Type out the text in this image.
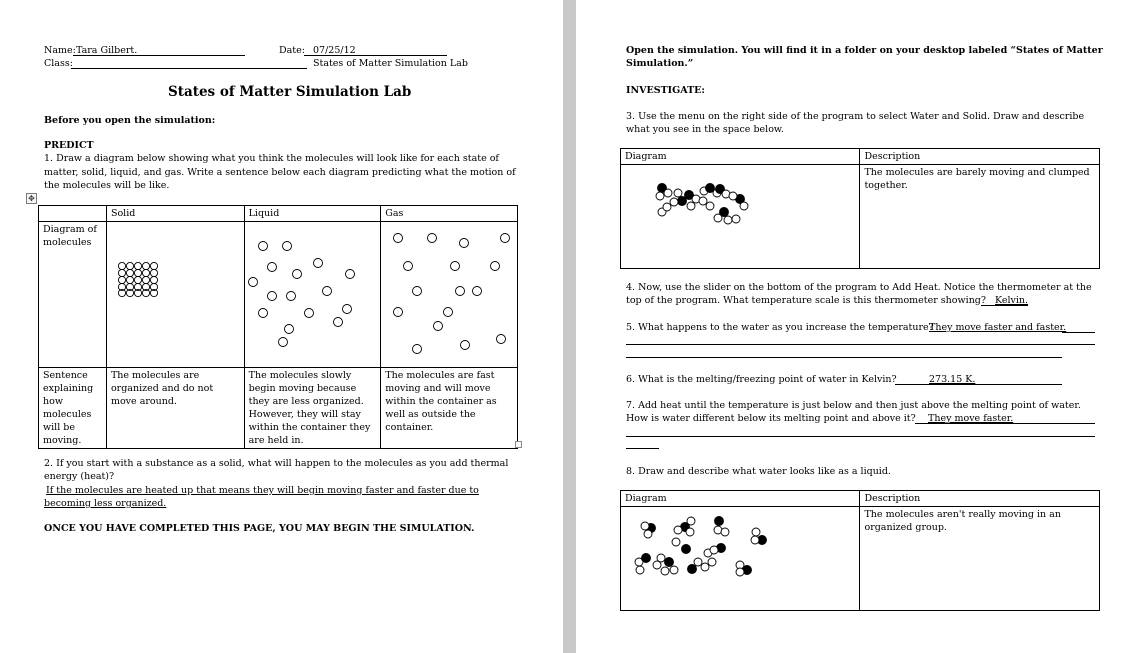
Name: Tara Gilbert.	Date: 07/25/12
Class:	States of Matter Simulation Lab
States of Matter Simulation Lab
Before you open the simulation:
PREDICT
1. Draw a diagram below showing what you think the molecules will look like for each state of
matter, solid, liquid, and gas. Write a sentence below each diagram predicting what the motion of
the molecules will be like.
✥
	Solid	Liquid	Gas
Diagram of molecules			
Sentence explaining how molecules will be moving.	The molecules are organized and do not move around.	The molecules slowly begin moving because they are less organized. However, they will stay within the container they are held in.	The molecules are fast moving and will move within the container as well as outside the container.
2. If you start with a substance as a solid, what will happen to the molecules as you add thermal
energy (heat)?
If the molecules are heated up that means they will begin moving faster and faster due to
becoming less organized.
ONCE YOU HAVE COMPLETED THIS PAGE, YOU MAY BEGIN THE SIMULATION.
Open the simulation. You will find it in a folder on your desktop labeled “States of Matter
Simulation.”
INVESTIGATE:
3. Use the menu on the right side of the program to select Water and Solid. Draw and describe
what you see in the space below.
Diagram	Description
	The molecules are barely moving and clumped together.
4. Now, use the slider on the bottom of the program to Add Heat. Notice the thermometer at the
top of the program. What temperature scale is this thermometer showing? Kelvin.
5. What happens to the water as you increase the temperature?
They move faster and faster.
6. What is the melting/freezing point of water in Kelvin?	273.15 K.
7. Add heat until the temperature is just below and then just above the melting point of water.
How is water different below its melting point and above it? They move faster.
8. Draw and describe what water looks like as a liquid.
Diagram	Description
	The molecules aren't really moving in an organized group.
